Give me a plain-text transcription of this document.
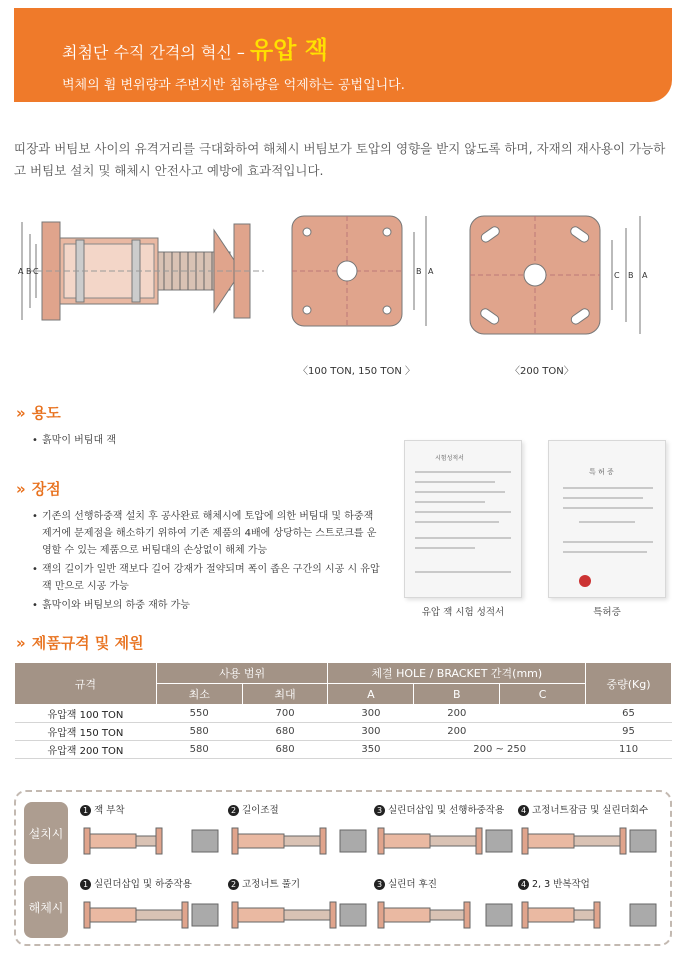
최첨단 수직 간격의 혁신 – 유압 잭
벽체의 휨 변위량과 주변지반 침하량을 억제하는 공법입니다.

띠장과 버팀보 사이의 유격거리를 극대화하여 해체시 버팀보가 토압의 영향을 받지 않도록 하며, 자재의 재사용이 가능하고 버팀보 설치 및 해체시 안전사고 예방에 효과적입니다.

A B C	B A	C B A
〈100 TON, 150 TON 〉	〈200 TON〉
» 용도
• 흙막이 버팀대 잭
» 장점
• 기존의 선행하중잭 설치 후 공사완료 해체시에 토압에 의한 버팀대 및 하중잭 제거에 문제점을 해소하기 위하여 기존 제품의 4배에 상당하는 스트로크를 운영할 수 있는 제품으로 버팀대의 손상없이 해체 가능
• 잭의 길이가 일반 잭보다 길어 강재가 절약되며 폭이 좁은 구간의 시공 시 유압 잭 만으로 시공 가능
• 흙막이와 버팀보의 하중 재하 가능
시험성적서
유압 잭 시험 성적서
특 허 증
특허증
» 제품규격 및 제원
규격	사용 범위		체결 HOLE / BRACKET 간격(mm)			중량(Kg)
	최소	최대	A	B	C	
유압잭 100 TON	550	700	300	200		65
유압잭 150 TON	580	680	300	200		95
유압잭 200 TON	580	680	350	200 ~ 250		110
설치시
해체시
1 잭 부착	2 길이조절	3 실린더삽입 및 선행하중작용	4 고정너트잠금 및 실린더회수
1 실린더삽입 및 하중작용	2 고정너트 풀기	3 실린더 후진	4 2, 3 반복작업
